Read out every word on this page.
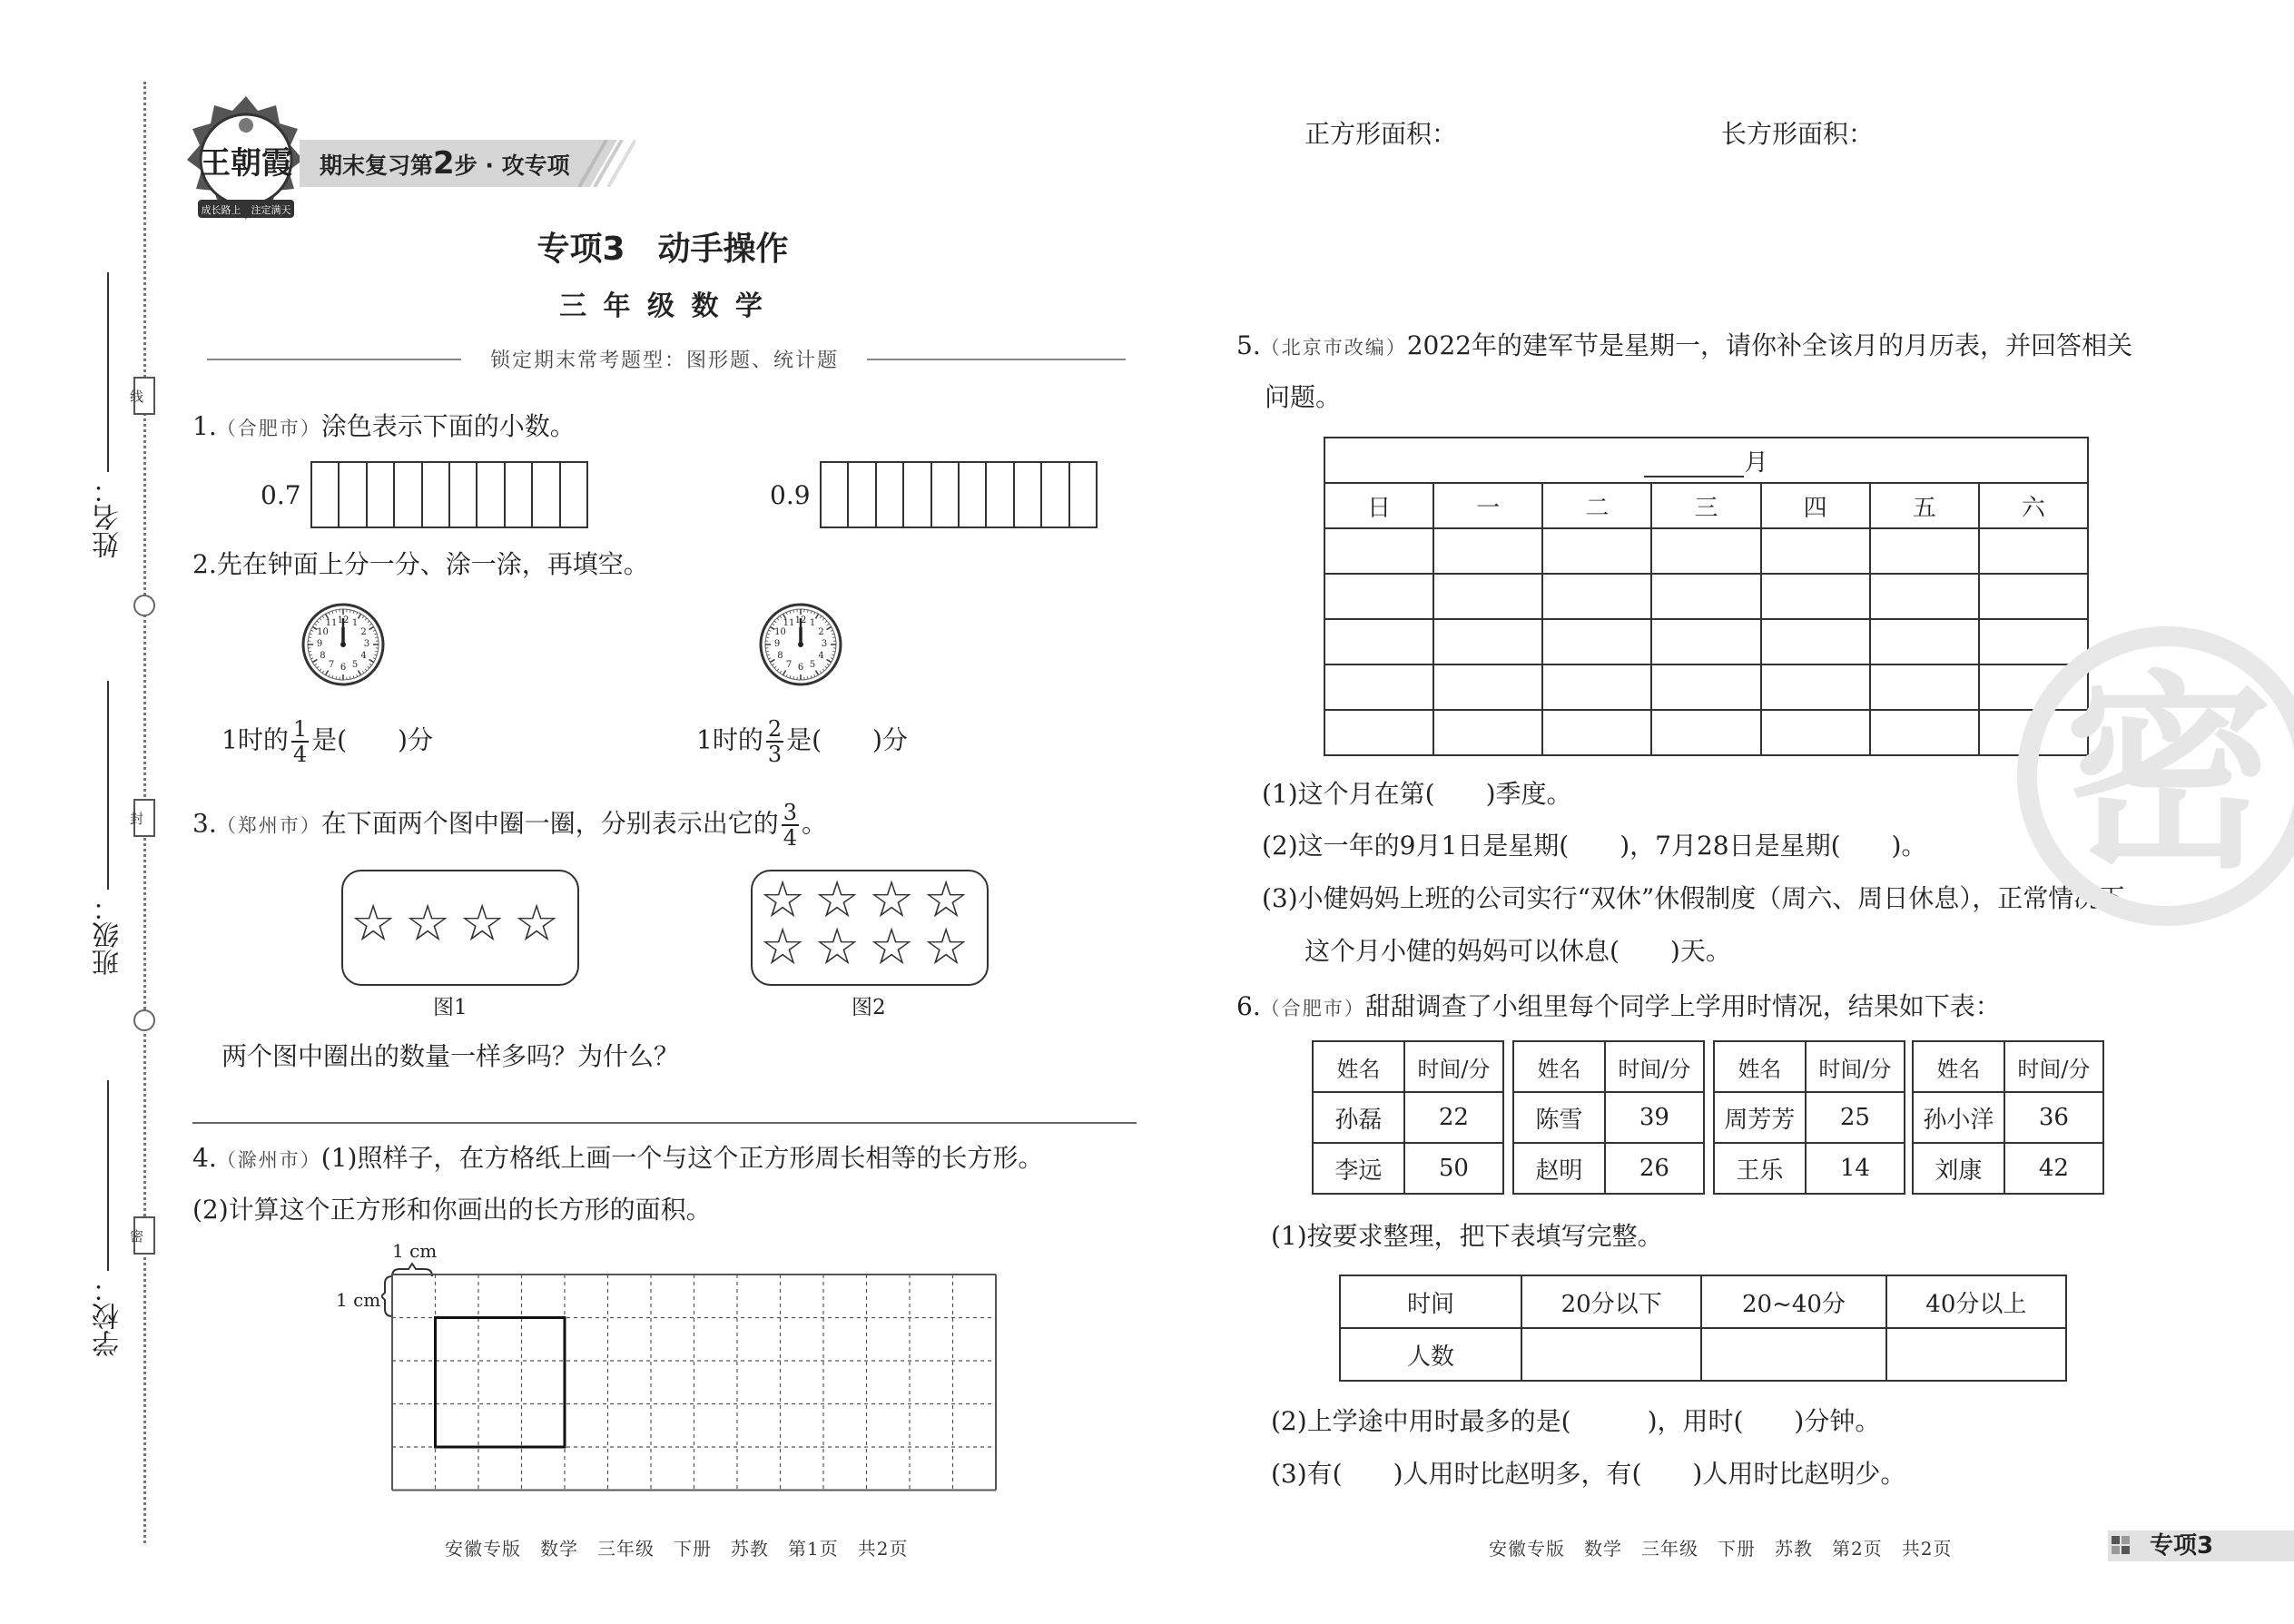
姓名：
班级：
学校：
线
封
密
王朝霞
成长路上　注定满天
期末复习第2步 · 攻专项
专项3　动手操作
三 年 级 数 学
锁定期末常考题型：图形题、统计题
1.（合肥市）涂色表示下面的小数。
0.7	0.9
2.先在钟面上分一分、涂一涂，再填空。
12 1
2
3
4
5
6
7
8
9
10
11	12 1
2
3
4
5
6
7
8
9
10
11
1时的 $\frac{1}{4}$ 是(　　)分	1时的 $\frac{2}{3}$ 是(　　)分
3.（郑州市）在下面两个图中圈一圈，分别表示出它的 $\frac{3}{4}$ 。
☆ ☆ ☆ ☆	☆ ☆ ☆ ☆
☆ ☆ ☆ ☆
图1	图2
两个图中圈出的数量一样多吗？为什么？
4.（滁州市）(1)照样子，在方格纸上画一个与这个正方形周长相等的长方形。
(2)计算这个正方形和你画出的长方形的面积。
1 cm
1 cm
正方形面积：	长方形面积：
5.（北京市改编）2022年的建军节是星期一，请你补全该月的月历表，并回答相关
问题。
月						
日	一	二	三	四	五	六

(1)这个月在第(　　)季度。
(2)这一年的9月1日是星期(　　)，7月28日是星期(　　)。
(3)小健妈妈上班的公司实行“双休”休假制度（周六、周日休息），正常情况下，
这个月小健的妈妈可以休息(　　)天。
6.（合肥市）甜甜调查了小组里每个同学上学用时情况，结果如下表：
姓名	时间/分
孙磊	22
李远	50
姓名	时间/分
陈雪	39
赵明	26
姓名	时间/分
周芳芳	25
王乐	14
姓名	时间/分
孙小洋	36
刘康	42
(1)按要求整理，把下表填写完整。
时间	20分以下	20~40分	40分以上
人数			
(2)上学途中用时最多的是(　　　)，用时(　　)分钟。
(3)有(　　)人用时比赵明多，有(　　)人用时比赵明少。
密
安徽专版　数学　三年级　下册　苏教　第1页　共2页	安徽专版　数学　三年级　下册　苏教　第2页　共2页	专项3
